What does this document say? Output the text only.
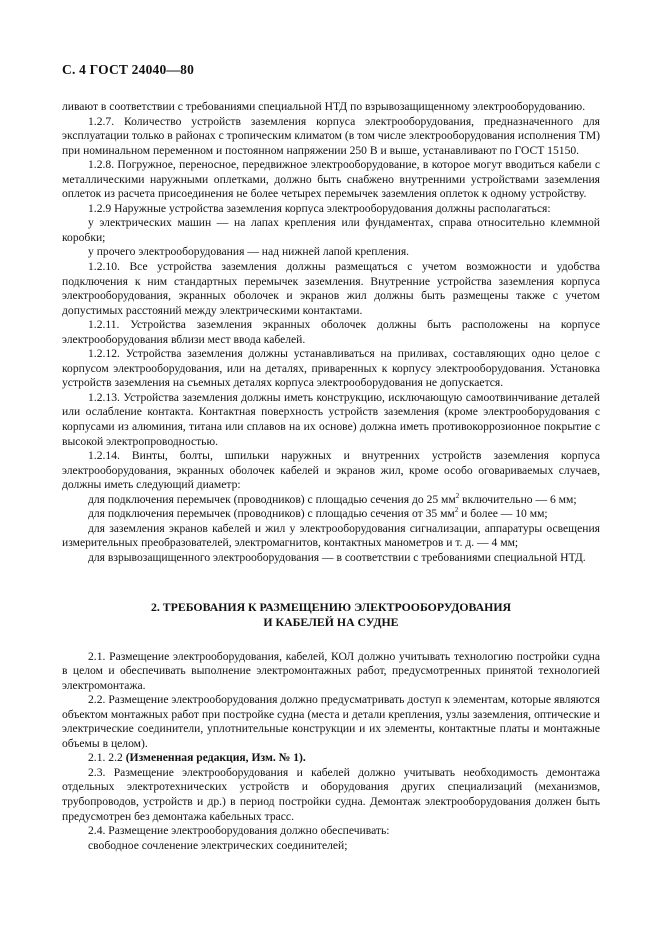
С. 4 ГОСТ 24040—80

ливают в соответствии с требованиями специальной НТД по взрывозащищенному электрооборудованию.

1.2.7. Количество устройств заземления корпуса электрооборудования, предназначенного для эксплуатации только в районах с тропическим климатом (в том числе электрооборудования исполнения ТМ) при номинальном переменном и постоянном напряжении 250 В и выше, устанавливают по ГОСТ 15150.

1.2.8. Погружное, переносное, передвижное электрооборудование, в которое могут вводиться кабели с металлическими наружными оплетками, должно быть снабжено внутренними устройствами заземления оплеток из расчета присоединения не более четырех перемычек заземления оплеток к одному устройству.

1.2.9 Наружные устройства заземления корпуса электрооборудования должны располагаться:

у электрических машин — на лапах крепления или фундаментах, справа относительно клеммной коробки;

у прочего электрооборудования — над нижней лапой крепления.

1.2.10. Все устройства заземления должны размещаться с учетом возможности и удобства подключения к ним стандартных перемычек заземления. Внутренние устройства заземления корпуса электрооборудования, экранных оболочек и экранов жил должны быть размещены также с учетом допустимых расстояний между электрическими контактами.

1.2.11. Устройства заземления экранных оболочек должны быть расположены на корпусе электрооборудования вблизи мест ввода кабелей.

1.2.12. Устройства заземления должны устанавливаться на приливах, составляющих одно целое с корпусом электрооборудования, или на деталях, приваренных к корпусу электрооборудования. Установка устройств заземления на съемных деталях корпуса электрооборудования не допускается.

1.2.13. Устройства заземления должны иметь конструкцию, исключающую самоотвинчивание деталей или ослабление контакта. Контактная поверхность устройств заземления (кроме электрооборудования с корпусами из алюминия, титана или сплавов на их основе) должна иметь противокоррозионное покрытие с высокой электропроводностью.

1.2.14. Винты, болты, шпильки наружных и внутренних устройств заземления корпуса электрооборудования, экранных оболочек кабелей и экранов жил, кроме особо оговариваемых случаев, должны иметь следующий диаметр:

для подключения перемычек (проводников) с площадью сечения до 25 $мм^2$ включительно — 6 мм;

для подключения перемычек (проводников) с площадью сечения от 35 $мм^2$ и более — 10 мм;

для заземления экранов кабелей и жил у электрооборудования сигнализации, аппаратуры освещения измерительных преобразователей, электромагнитов, контактных манометров и т. д. — 4 мм;

для взрывозащищенного электрооборудования — в соответствии с требованиями специальной НТД.

2. ТРЕБОВАНИЯ К РАЗМЕЩЕНИЮ ЭЛЕКТРООБОРУДОВАНИЯ
И КАБЕЛЕЙ НА СУДНЕ

2.1. Размещение электрооборудования, кабелей, КОЛ должно учитывать технологию постройки судна в целом и обеспечивать выполнение электромонтажных работ, предусмотренных принятой технологией электромонтажа.

2.2. Размещение электрооборудования должно предусматривать доступ к элементам, которые являются объектом монтажных работ при постройке судна (места и детали крепления, узлы заземления, оптические и электрические соединители, уплотнительные конструкции и их элементы, контактные платы и монтажные объемы в целом).

2.1. 2.2 (Измененная редакция, Изм. № 1).

2.3. Размещение электрооборудования и кабелей должно учитывать необходимость демонтажа отдельных электротехнических устройств и оборудования других специализаций (механизмов, трубопроводов, устройств и др.) в период постройки судна. Демонтаж электрооборудования должен быть предусмотрен без демонтажа кабельных трасс.

2.4. Размещение электрооборудования должно обеспечивать:

свободное сочленение электрических соединителей;
